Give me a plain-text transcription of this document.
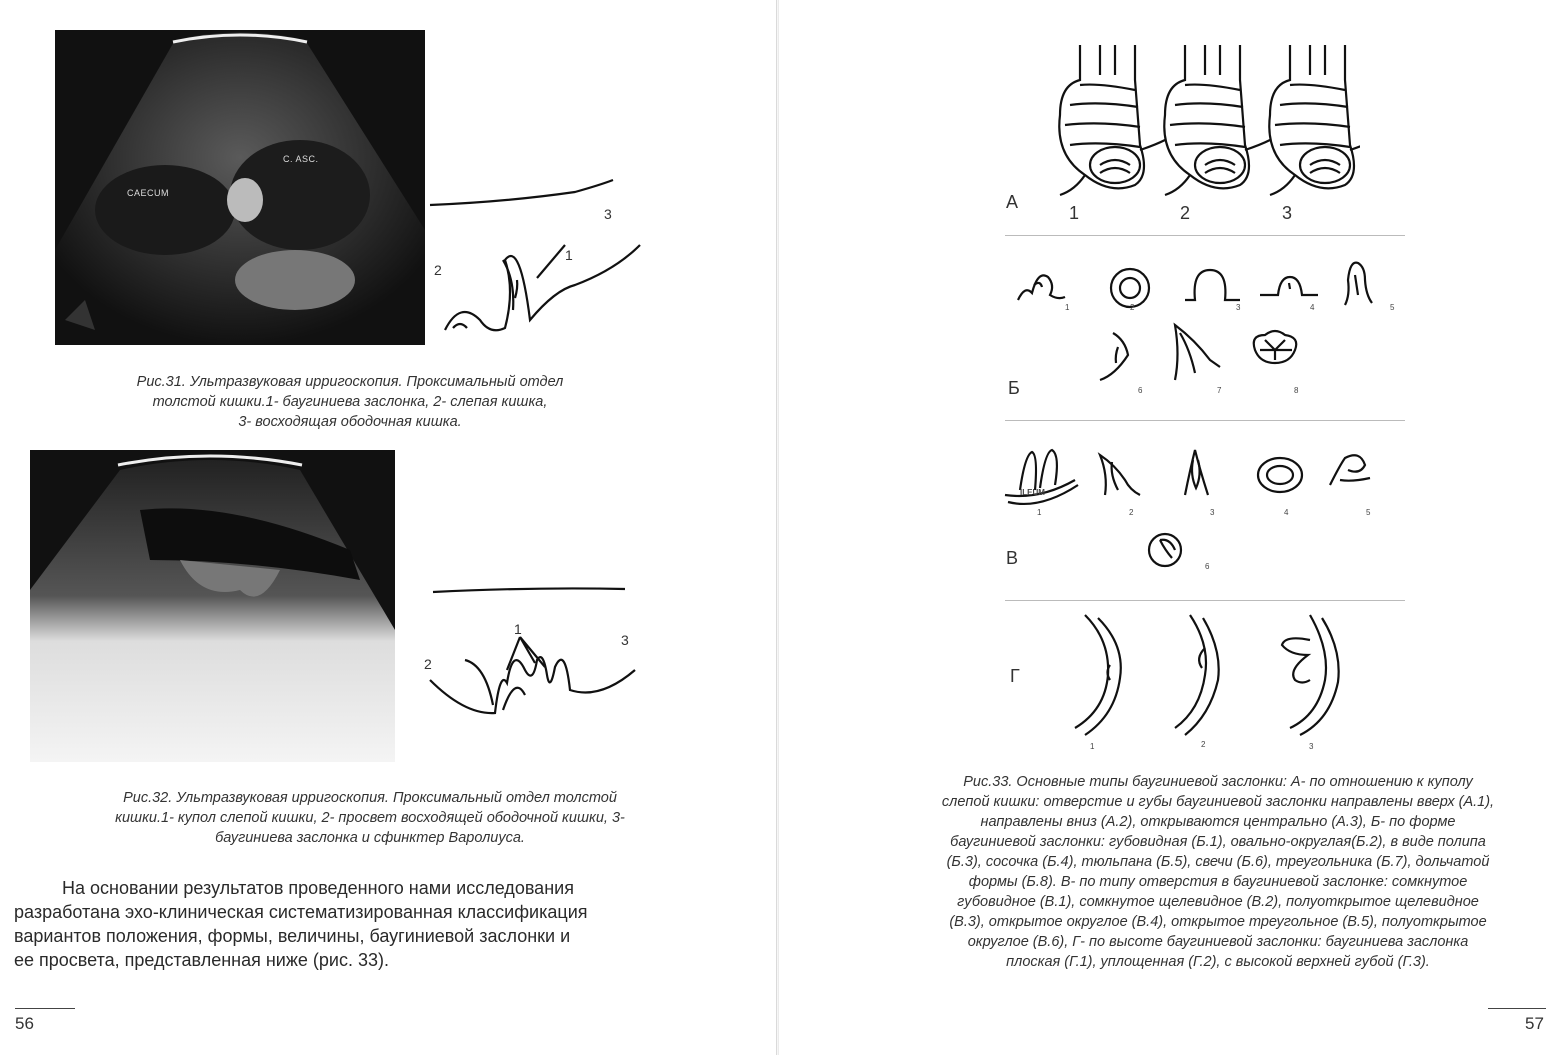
CAECUM
C. ASC.
1
2
3
Рис.31. Ультразвуковая ирригоскопия. Проксимальный отдел
толстой кишки.1- баугиниева заслонка, 2- слепая кишка,
3- восходящая ободочная кишка.
1
2
3
Рис.32. Ультразвуковая ирригоскопия. Проксимальный отдел толстой
кишки.1- купол слепой кишки, 2- просвет восходящей ободочной кишки, 3-
баугиниева заслонка и сфинктер Варолиуса.
На основании результатов проведенного нами исследования
разработана эхо-клиническая систематизированная классификация
вариантов положения, формы, величины, баугиниевой заслонки и
ее просвета, представленная ниже (рис. 33).
56
А
1	2	3
1	2	3	4	5
Б	6	7	8
ILEUM
1	2	3	4	5
В	6
Г
1	2	3
Рис.33. Основные типы баугиниевой заслонки: А- по отношению к куполу
слепой кишки: отверстие и губы баугиниевой заслонки направлены вверх (А.1),
направлены вниз (А.2), открываются центрально (А.3), Б- по форме
баугиниевой заслонки: губовидная (Б.1), овально-округлая(Б.2), в виде полипа
(Б.3), сосочка (Б.4), тюльпана (Б.5), свечи (Б.6), треугольника (Б.7), дольчатой
формы (Б.8). В- по типу отверстия в баугиниевой заслонке: сомкнутое
губовидное (В.1), сомкнутое щелевидное (В.2), полуоткрытое щелевидное
(В.3), открытое округлое (В.4), открытое треугольное (В.5), полуоткрытое
округлое (В.6), Г- по высоте баугиниевой заслонки: баугиниева заслонка
плоская (Г.1), уплощенная (Г.2), с высокой верхней губой (Г.3).
57
